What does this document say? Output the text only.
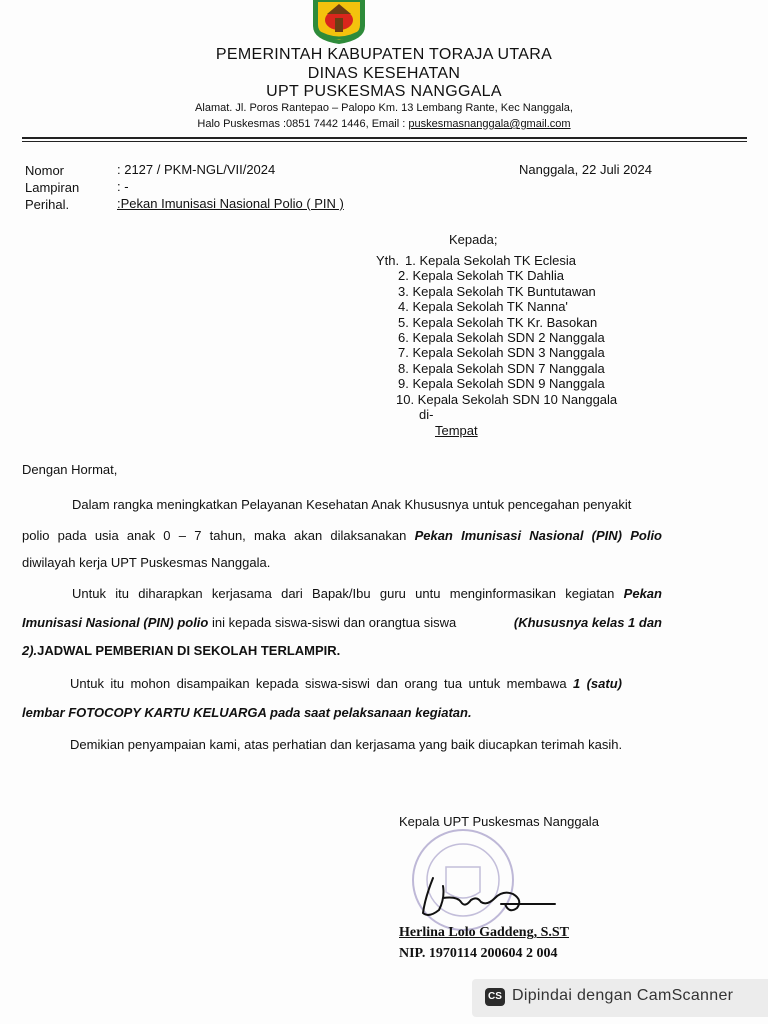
PEMERINTAH KABUPATEN TORAJA UTARA
DINAS KESEHATAN
UPT PUSKESMAS NANGGALA
Alamat. Jl. Poros Rantepao – Palopo Km. 13 Lembang Rante, Kec Nanggala,
Halo Puskesmas :0851 7442 1446, Email : puskesmasnanggala@gmail.com
Nomor	: 2127 / PKM-NGL/VII/2024
Lampiran	: -
Perihal.	:Pekan Imunisasi Nasional Polio ( PIN )
Nanggala, 22 Juli 2024
Kepada;
Yth. 1. Kepala Sekolah TK Eclesia
2. Kepala Sekolah TK Dahlia
3. Kepala Sekolah TK Buntutawan
4. Kepala Sekolah TK Nanna'
5. Kepala Sekolah TK Kr. Basokan
6. Kepala Sekolah SDN 2 Nanggala
7. Kepala Sekolah SDN 3 Nanggala
8. Kepala Sekolah SDN 7 Nanggala
9. Kepala Sekolah SDN 9 Nanggala
10. Kepala Sekolah SDN 10 Nanggala
di-
Tempat
Dengan Hormat,
Dalam rangka meningkatkan Pelayanan Kesehatan Anak Khususnya untuk pencegahan penyakit
polio pada usia anak 0 – 7 tahun, maka akan dilaksanakan Pekan Imunisasi Nasional (PIN) Polio
diwilayah kerja UPT Puskesmas Nanggala.
Untuk itu diharapkan kerjasama dari Bapak/Ibu guru untu menginformasikan kegiatan Pekan
Imunisasi Nasional (PIN) polio ini kepada siswa-siswi dan orangtua siswa	(Khususnya kelas 1 dan
2).JADWAL PEMBERIAN DI SEKOLAH TERLAMPIR.
Untuk itu mohon disampaikan kepada siswa-siswi dan orang tua untuk membawa 1 (satu)
lembar FOTOCOPY KARTU KELUARGA pada saat pelaksanaan kegiatan.
Demikian penyampaian kami, atas perhatian dan kerjasama yang baik diucapkan terimah kasih.
Kepala UPT Puskesmas Nanggala
Herlina Lolo Gaddeng, S.ST
NIP. 1970114 200604 2 004
CS Dipindai dengan CamScanner
